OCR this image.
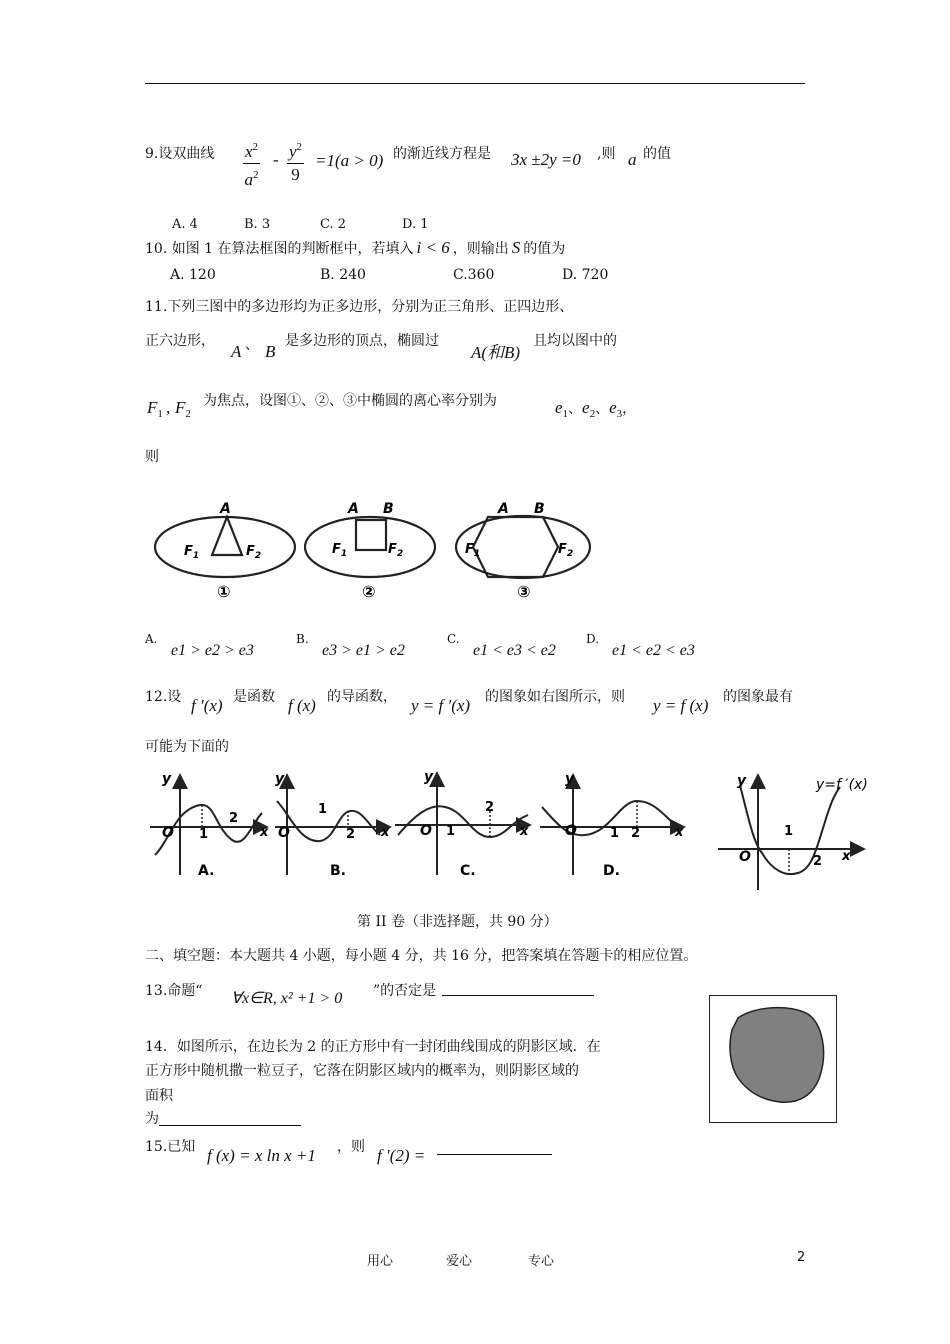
9.设双曲线 $\frac{x^2}{a^2} - \frac{y^2}{9} =1(a > 0)$ 的渐近线方程是 3x ±2y =0 ,则 a 的值
A. 4	B. 3	C. 2	D. 1
10. 如图 1 在算法框图的判断框中，若填入 i < 6 ，则输出 S 的值为
A. 120	B. 240	C.360	D. 720
11.下列三图中的多边形均为正多边形，分别为正三角形、正四边形、
正六边形，
A 、 B
是多边形的顶点，椭圆过
A(和B)
且均以图中的
$F_1$ , $F_2$
为焦点，设图①、②、③中椭圆的离心率分别为	$e_1$、$e_2$、$e_3$，
则
A
$F_1$	$F_2$
①
A B
$F_1$	$F_2$
②
A B
$F_1$	$F_2$
③
A.
e1 > e2 > e3
B.
e3 > e1 > e2
C.
e1 < e3 < e2
D.
e1 < e2 < e3
12.设 f ′(x) 是函数 f (x) 的导函数， y = f ′(x) 的图象如右图所示，则 y = f (x) 的图象最有
可能为下面的
y
x
O 1
2
A.
y
x
O
1
2
B.
y
x
O 1
2
C.
y
x
O	1 2
D.
y
x
O
1
2
y=f ′(x)
第 II 卷（非选择题，共 90 分）
二、填空题：本大题共 4 小题，每小题 4 分，共 16 分，把答案填在答题卡的相应位置。
13.命题“ ∀x∈R, x² +1 > 0 ”的否定是
14．如图所示，在边长为 2 的正方形中有一封闭曲线围成的阴影区域．在
正方形中随机撒一粒豆子，它落在阴影区域内的概率为，则阴影区域的
面积
为
15.已知 f (x) = x ln x +1 ，则 f ′(2) =
用心	爱心	专心	2
